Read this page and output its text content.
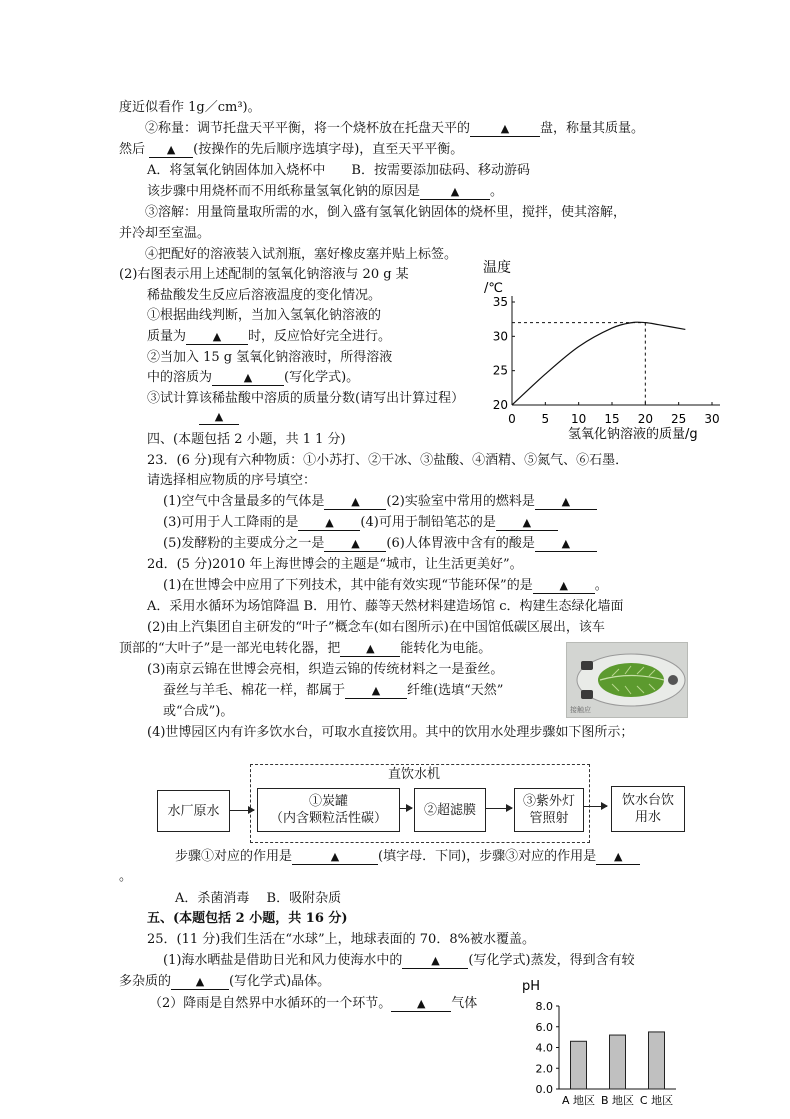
度近似看作 1g／cm³)。
②称量：调节托盘天平平衡，将一个烧杯放在托盘天平的	▲ 盘，称量其质量。
然后 ▲ (按操作的先后顺序选填字母)，直至天平平衡。
A．将氢氧化钠固体加入烧杯中　　B．按需要添加砝码、移动游码
该步骤中用烧杯而不用纸称量氢氧化钠的原因是	▲ 。
③溶解：用量筒量取所需的水，倒入盛有氢氧化钠固体的烧杯里，搅拌，使其溶解，
并冷却至室温。
④把配好的溶液装入试剂瓶，塞好橡皮塞并贴上标签。
(2)右图表示用上述配制的氢氧化钠溶液与 20 g 某
稀盐酸发生反应后溶液温度的变化情况。
①根据曲线判断，当加入氢氧化钠溶液的
质量为 ▲ 时，反应恰好完全进行。
②当加入 15 g 氢氧化钠溶液时，所得溶液
中的溶质为	▲ (写化学式)。
③试计算该稀盐酸中溶质的质量分数(请写出计算过程）
▲
四、(本题包括 2 小题，共 1 1 分)
23．(6 分)现有六种物质：①小苏打、②干冰、③盐酸、④酒精、⑤氮气、⑥石墨．
请选择相应物质的序号填空：
(1)空气中含量最多的气体是 ▲ (2)实验室中常用的燃料是 ▲
(3)可用于人工降雨的是 ▲ (4)可用于制铅笔芯的是 ▲
(5)发酵粉的主要成分之一是 ▲ (6)人体胃液中含有的酸是 ▲
2d．(5 分)2010 年上海世博会的主题是“城市，让生活更美好”。
(1)在世博会中应用了下列技术，其中能有效实现“节能环保”的是 ▲ 。
A．采用水循环为场馆降温 B．用竹、藤等天然材料建造场馆 c．构建生态绿化墙面
(2)由上汽集团自主研发的“叶子”概念车(如右图所示)在中国馆低碳区展出，该车
顶部的“大叶子”是一部光电转化器，把 ▲ 能转化为电能。
(3)南京云锦在世博会亮相，织造云锦的传统材料之一是蚕丝。
蚕丝与羊毛、棉花一样，都属于 ▲ 纤维(选填“天然”
或“合成”)。
(4)世博园区内有许多饮水台，可取水直接饮用。其中的饮用水处理步骤如下图所示；
接触应
直饮水机
水厂原水
①炭罐
（内含颗粒活性碳）
②超滤膜
③紫外灯
管照射
饮水台饮
用水
步骤①对应的作用是	▲	(填字母．下同)，步骤③对应的作用是 ▲
。
A．杀菌消毒　 B．吸附杂质
五、(本题包括 2 小题，共 16 分)
25．(11 分)我们生活在“水球”上，地球表面的 70．8%被水覆盖。
(1)海水晒盐是借助日光和风力使海水中的	▲ (写化学式)蒸发，得到含有较
多杂质的 ▲ (写化学式)晶体。
（2）降雨是自然界中水循环的一个环节。 ▲ 气体
温度
/℃
0 5 10 15 20 25 30
20
25
30
35
氢氧化钠溶液的质量/g
pH
0.0
2.0
4.0
6.0
8.0
A 地区 B 地区 C 地区
